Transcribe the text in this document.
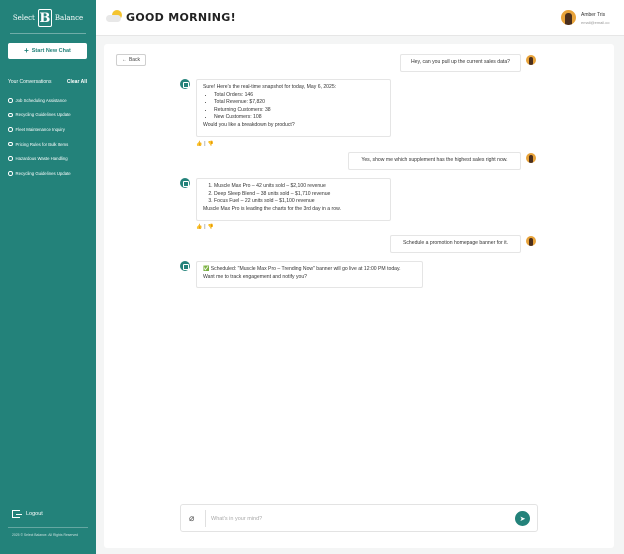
Select B Balance
+ Start New Chat
Your Conversations	Clear All
Job Scheduling Assistance
Recycling Guidelines Update
Fleet Maintenance Inquiry
Pricing Rules for Bulk Items
Hazardous Waste Handling
Recycling Guidelines Update
Logout
2025 © Select Balance. All Rights Reserved
GOOD MORNING!	Amber Tris
email@email.co
← Back	Hey, can you pull up the current sales data?
Sure! Here's the real-time snapshot for today, May 6, 2025:
• Total Orders: 146
• Total Revenue: $7,820
• Returning Customers: 38
• New Customers: 108
Would you like a breakdown by product?
👍 | 👎
Yes, show me which supplement has the highest sales right now.
1. Muscle Max Pro – 42 units sold – $2,100 revenue
2. Deep Sleep Blend – 38 units sold – $1,710 revenue
3. Focus Fuel – 22 units sold – $1,100 revenue
Muscle Max Pro is leading the charts for the 3rd day in a row.
👍 | 👎
Schedule a promotion homepage banner for it.
✅ Scheduled: "Muscle Max Pro – Trending Now" banner will go live at 12:00 PM today.
Want me to track engagement and notify you?
⌀
What's in your mind?	➤
